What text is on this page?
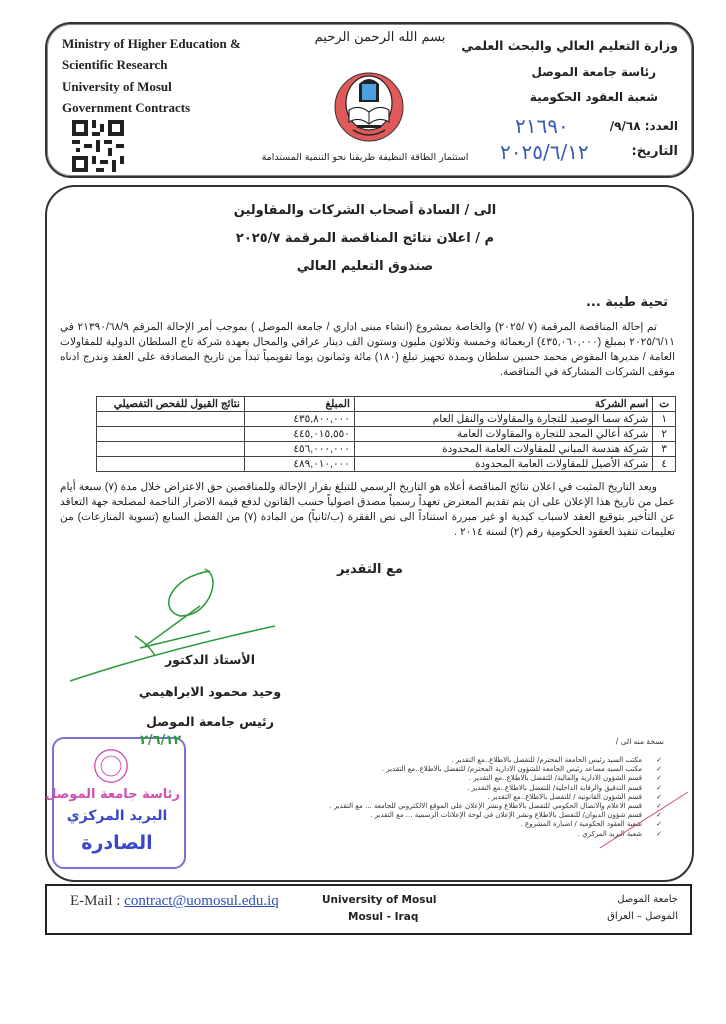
Ministry of Higher Education &
Scientific Research
University of Mosul
Government Contracts
بسم الله الرحمن الرحيم
استثمار الطاقة النظيفة طريقنا نحو التنمية المستدامة
وزارة التعليم العالي والبحث العلمي
رئاسة جامعة الموصل
شعبة العقود الحكومية
العدد: ٩/٦٨/
٢١٦٩٠
التاريخ:
٢٠٢٥/٦/١٢
الى / السادة أصحاب الشركات والمقاولين
م / اعلان نتائج المناقصة المرقمة ٢٠٢٥/٧
صندوق التعليم العالي
تحية طيبة ...
تم إحالة المناقصة المرقمة (٧ /٢٠٢٥) والخاصة بمشروع (انشاء مبنى اداري / جامعة الموصل ) بموجب أمر الإحالة المرقم ٢١٣٩٠/٦٨/٩ في ٢٠٢٥/٦/١١ بمبلغ (٤٣٥,٠٦٠,٠٠٠) اربعمائة وخمسة وثلاثون مليون وستون الف دينار عراقي والمحال بعهدة شركة تاج السلطان الدولية للمقاولات العامة / مديرها المفوض محمد حسين سلطان وبمدة تجهيز تبلغ (١٨٠) مائة وثمانون يوما تقويمياً تبدأ من تاريخ المصادقة على العقد وندرج ادناه موقف الشركات المشاركة في المناقصة.
ت	اسم الشركة	المبلغ	نتائج القبول للفحص التفصيلي
١	شركة سما الوصيد للتجارة والمقاولات والنقل العام	٤٣٥,٨٠٠,٠٠٠	
٢	شركة أعالي المجد للتجارة والمقاولات العامة	٤٤٥,٠١٥,٥٥٠	
٣	شركة هندسة المباني للمقاولات العامة المحدودة	٤٥٦,٠٠٠,٠٠٠	
٤	شركة الأصيل للمقاولات العامة المحدودة	٤٨٩,٠١٠,٠٠٠	
ويعد التاريخ المثبت في اعلان نتائج المناقصة أعلاه هو التاريخ الرسمي للتبلغ بقرار الإحالة وللمناقصين حق الاعتراض خلال مدة (٧) سبعة أيام عمل من تاريخ هذا الإعلان على ان يتم تقديم المعترض تعهداً رسمياً مصدق اصولياً حسب القانون لدفع قيمة الاضرار الناجمة لمصلحة جهة التعاقد عن التأخير بتوقيع العقد لاسباب كيدية او غير مبررة استناداً الى نص الفقرة (ب/ثانياً) من المادة (٧) من الفصل السابع (تسوية المنازعات) من تعليمات تنفيذ العقود الحكومية رقم (٢) لسنة ٢٠١٤ .
مع التقدير
الأستاذ الدكتور
وحيد محمود الابراهيمي
رئيس جامعة الموصل
٢/٦/١٢
رئاسة جامعة الموصل
البريد المركزي
الصادرة
نسخة منه الى /
✓
مكتب السيد رئيس الجامعة المحترم/ للتفضل بالاطلاع..مع التقدير .
✓
مكتب السيد مساعد رئيس الجامعة للشؤون الادارية المحترم/ للتفضل بالاطلاع..مع التقدير .
✓
قسم الشؤون الادارية والمالية/ للتفضل بالاطلاع..مع التقدير .
✓
قسم التدقيق والرقابة الداخلية/ للتفضل بالاطلاع..مع التقدير .
✓
قسم الشؤون القانونية / للتفضل بالاطلاع..مع التقدير .
✓
قسم الاعلام والاتصال الحكومي للتفضل بالاطلاع ونشر الإعلان على الموقع الالكتروني للجامعة ... مع التقدير .
✓
قسم شؤون الديوان/ للتفضل بالاطلاع ونشر الإعلان في لوحة الإعلانات الرسمية ... مع التقدير .
✓
شعبة العقود الحكومية / اضبارة المشروع .
✓
شعبة البريد المركزي .
E-Mail : contract@uomosul.edu.iq	University of Mosul
Mosul - Iraq
جامعة الموصل
الموصل – العراق
